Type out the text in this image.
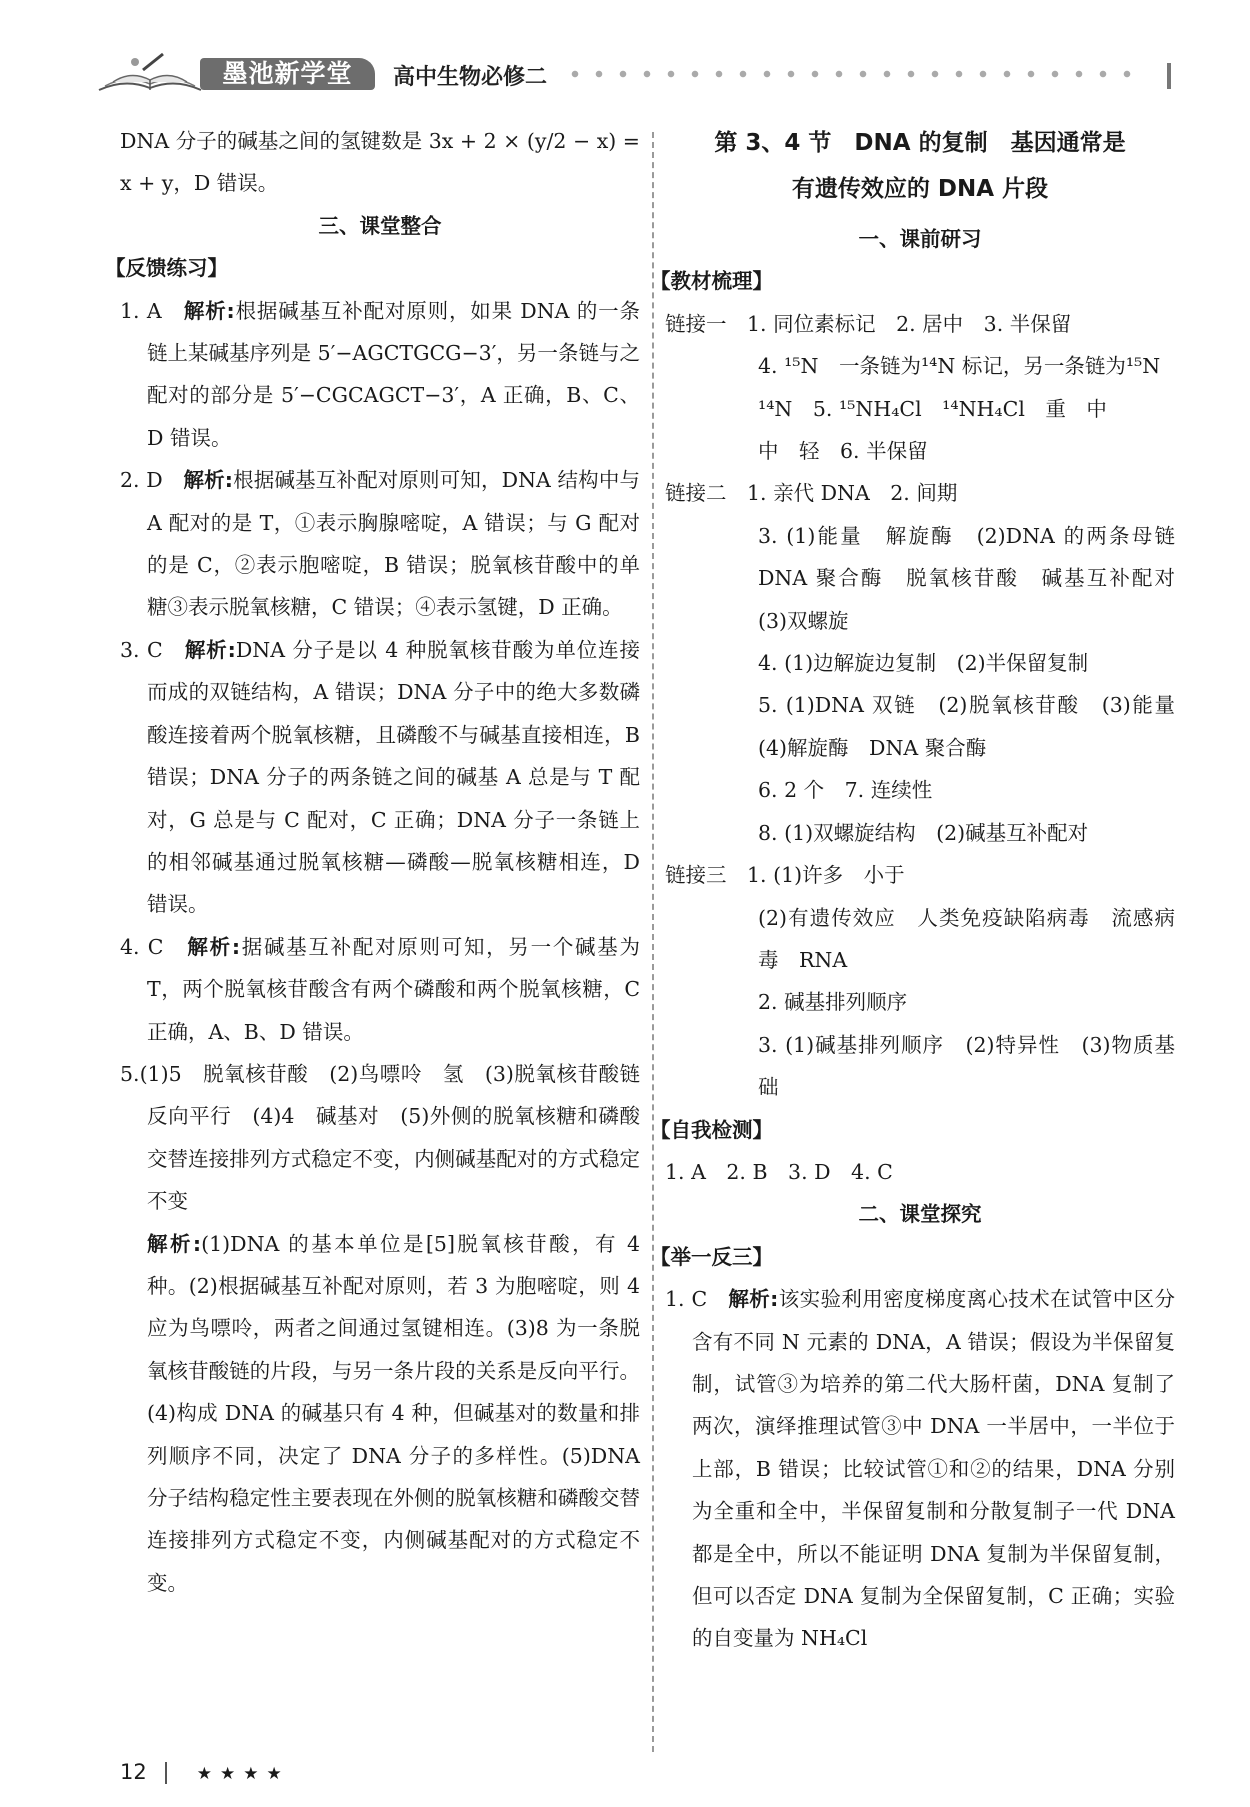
墨池新学堂	高中生物必修二

DNA 分子的碱基之间的氢键数是 3x + 2 × (y/2 − x) = x + y，D 错误。

三、课堂整合

【反馈练习】

1. A　 解析:根据碱基互补配对原则，如果 DNA 的一条链上某碱基序列是 5′−AGCTGCG−3′，另一条链与之配对的部分是 5′−CGCAGCT−3′，A 正确，B、C、D 错误。

2. D　 解析:根据碱基互补配对原则可知，DNA 结构中与 A 配对的是 T，①表示胸腺嘧啶，A 错误；与 G 配对的是 C，②表示胞嘧啶，B 错误；脱氧核苷酸中的单糖③表示脱氧核糖，C 错误；④表示氢键，D 正确。

3. C　 解析:DNA 分子是以 4 种脱氧核苷酸为单位连接而成的双链结构，A 错误；DNA 分子中的绝大多数磷酸连接着两个脱氧核糖，且磷酸不与碱基直接相连，B 错误；DNA 分子的两条链之间的碱基 A 总是与 T 配对，G 总是与 C 配对，C 正确；DNA 分子一条链上的相邻碱基通过脱氧核糖—磷酸—脱氧核糖相连，D 错误。

4. C　 解析:据碱基互补配对原则可知，另一个碱基为 T，两个脱氧核苷酸含有两个磷酸和两个脱氧核糖，C 正确，A、B、D 错误。

5.(1)5　脱氧核苷酸　(2)鸟嘌呤　氢　(3)脱氧核苷酸链　反向平行　(4)4　碱基对　(5)外侧的脱氧核糖和磷酸交替连接排列方式稳定不变，内侧碱基配对的方式稳定不变

解析:(1)DNA 的基本单位是[5]脱氧核苷酸，有 4 种。(2)根据碱基互补配对原则，若 3 为胞嘧啶，则 4 应为鸟嘌呤，两者之间通过氢键相连。(3)8 为一条脱氧核苷酸链的片段，与另一条片段的关系是反向平行。(4)构成 DNA 的碱基只有 4 种，但碱基对的数量和排列顺序不同，决定了 DNA 分子的多样性。(5)DNA 分子结构稳定性主要表现在外侧的脱氧核糖和磷酸交替连接排列方式稳定不变，内侧碱基配对的方式稳定不变。

第 3、4 节　DNA 的复制　基因通常是

有遗传效应的 DNA 片段

一、课前研习

【教材梳理】

链接一　 1. 同位素标记　2. 居中　3. 半保留

4. ¹⁵N　一条链为¹⁴N 标记，另一条链为¹⁵N

¹⁴N　5. ¹⁵NH₄Cl　¹⁴NH₄Cl　重　中

中　轻　6. 半保留

链接二　 1. 亲代 DNA　2. 间期

3. (1)能量　解旋酶　(2)DNA 的两条母链　DNA 聚合酶　脱氧核苷酸　碱基互补配对　(3)双螺旋

4. (1)边解旋边复制　(2)半保留复制

5. (1)DNA 双链　(2)脱氧核苷酸　(3)能量　(4)解旋酶　DNA 聚合酶

6. 2 个　7. 连续性

8. (1)双螺旋结构　(2)碱基互补配对

链接三　 1. (1)许多　小于

(2)有遗传效应　人类免疫缺陷病毒　流感病毒　RNA

2. 碱基排列顺序

3. (1)碱基排列顺序　(2)特异性　(3)物质基础

【自我检测】

1. A　2. B　3. D　4. C

二、课堂探究

【举一反三】

1. C　 解析:该实验利用密度梯度离心技术在试管中区分含有不同 N 元素的 DNA，A 错误；假设为半保留复制，试管③为培养的第二代大肠杆菌，DNA 复制了两次，演绎推理试管③中 DNA 一半居中，一半位于上部，B 错误；比较试管①和②的结果，DNA 分别为全重和全中，半保留复制和分散复制子一代 DNA 都是全中，所以不能证明 DNA 复制为半保留复制，但可以否定 DNA 复制为全保留复制，C 正确；实验的自变量为 NH₄Cl

12	★★★★
